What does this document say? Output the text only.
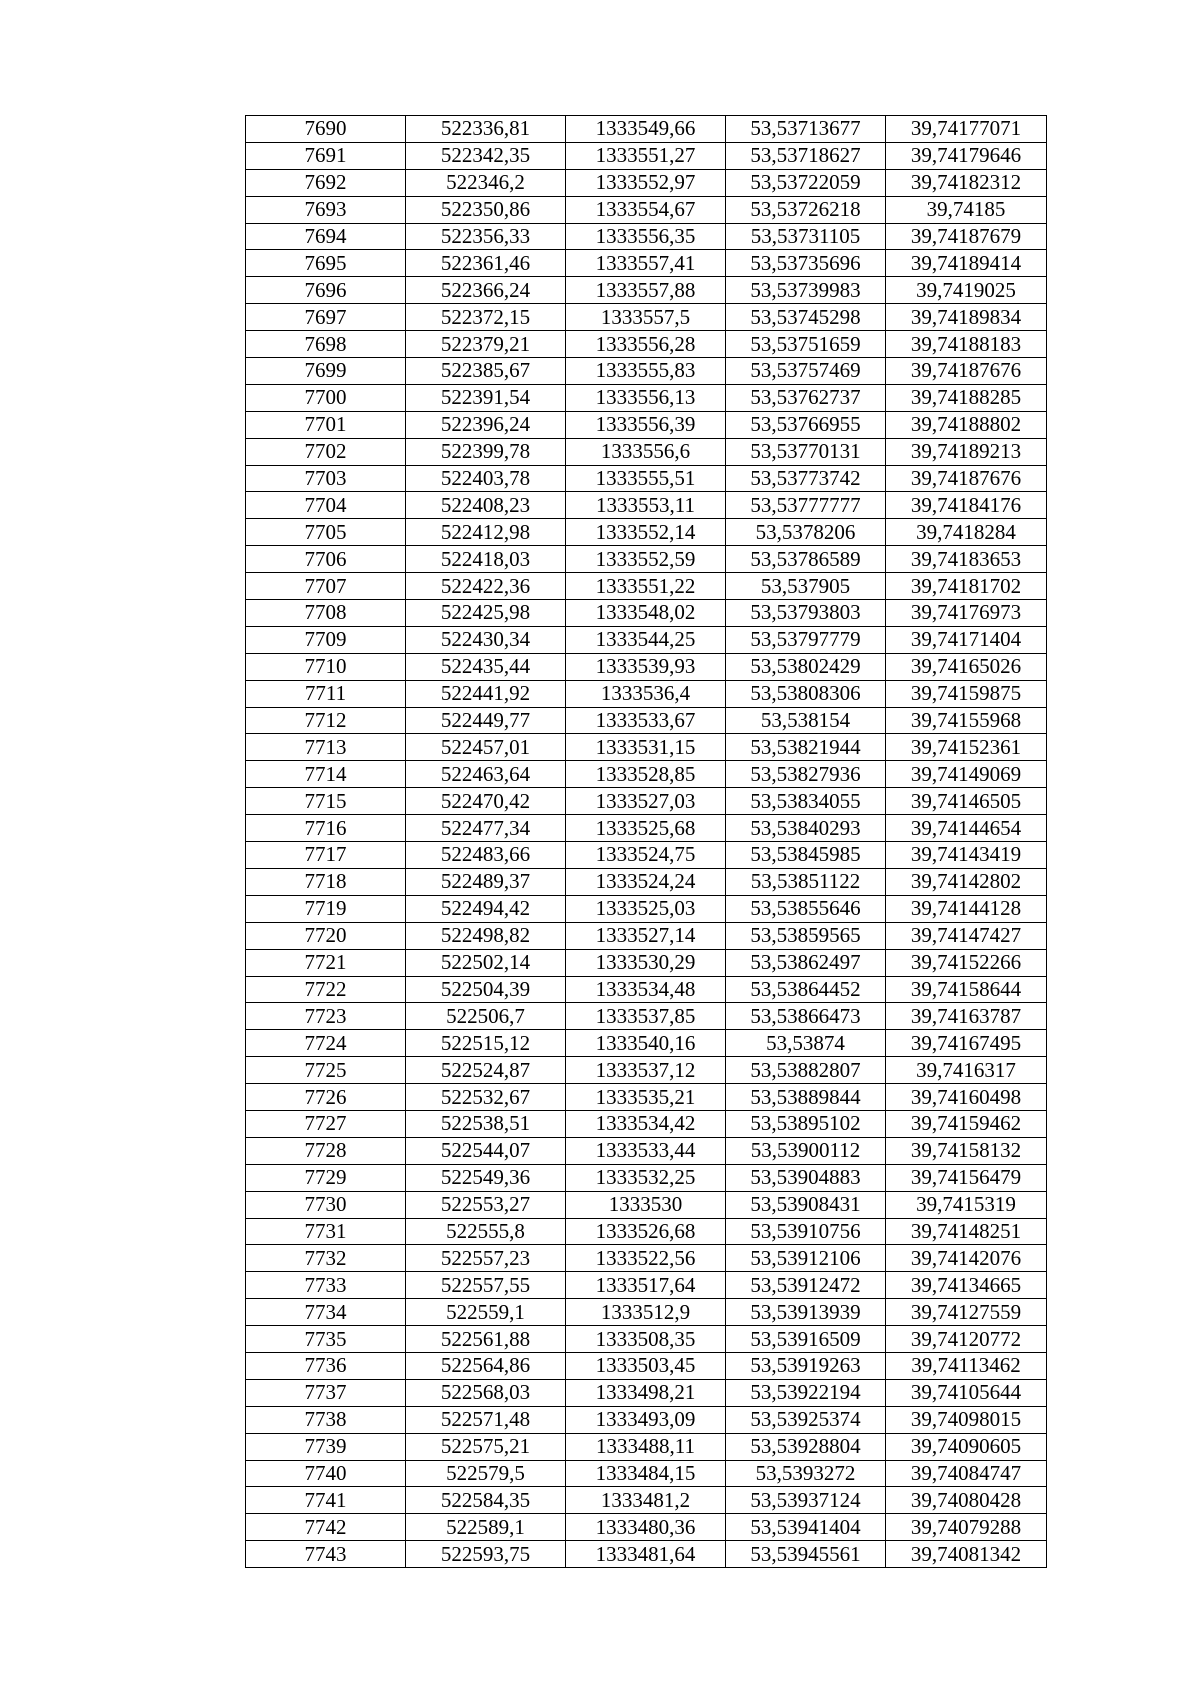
7690	522336,81	1333549,66	53,53713677	39,74177071
7691	522342,35	1333551,27	53,53718627	39,74179646
7692	522346,2	1333552,97	53,53722059	39,74182312
7693	522350,86	1333554,67	53,53726218	39,74185
7694	522356,33	1333556,35	53,53731105	39,74187679
7695	522361,46	1333557,41	53,53735696	39,74189414
7696	522366,24	1333557,88	53,53739983	39,7419025
7697	522372,15	1333557,5	53,53745298	39,74189834
7698	522379,21	1333556,28	53,53751659	39,74188183
7699	522385,67	1333555,83	53,53757469	39,74187676
7700	522391,54	1333556,13	53,53762737	39,74188285
7701	522396,24	1333556,39	53,53766955	39,74188802
7702	522399,78	1333556,6	53,53770131	39,74189213
7703	522403,78	1333555,51	53,53773742	39,74187676
7704	522408,23	1333553,11	53,53777777	39,74184176
7705	522412,98	1333552,14	53,5378206	39,7418284
7706	522418,03	1333552,59	53,53786589	39,74183653
7707	522422,36	1333551,22	53,537905	39,74181702
7708	522425,98	1333548,02	53,53793803	39,74176973
7709	522430,34	1333544,25	53,53797779	39,74171404
7710	522435,44	1333539,93	53,53802429	39,74165026
7711	522441,92	1333536,4	53,53808306	39,74159875
7712	522449,77	1333533,67	53,538154	39,74155968
7713	522457,01	1333531,15	53,53821944	39,74152361
7714	522463,64	1333528,85	53,53827936	39,74149069
7715	522470,42	1333527,03	53,53834055	39,74146505
7716	522477,34	1333525,68	53,53840293	39,74144654
7717	522483,66	1333524,75	53,53845985	39,74143419
7718	522489,37	1333524,24	53,53851122	39,74142802
7719	522494,42	1333525,03	53,53855646	39,74144128
7720	522498,82	1333527,14	53,53859565	39,74147427
7721	522502,14	1333530,29	53,53862497	39,74152266
7722	522504,39	1333534,48	53,53864452	39,74158644
7723	522506,7	1333537,85	53,53866473	39,74163787
7724	522515,12	1333540,16	53,53874	39,74167495
7725	522524,87	1333537,12	53,53882807	39,7416317
7726	522532,67	1333535,21	53,53889844	39,74160498
7727	522538,51	1333534,42	53,53895102	39,74159462
7728	522544,07	1333533,44	53,53900112	39,74158132
7729	522549,36	1333532,25	53,53904883	39,74156479
7730	522553,27	1333530	53,53908431	39,7415319
7731	522555,8	1333526,68	53,53910756	39,74148251
7732	522557,23	1333522,56	53,53912106	39,74142076
7733	522557,55	1333517,64	53,53912472	39,74134665
7734	522559,1	1333512,9	53,53913939	39,74127559
7735	522561,88	1333508,35	53,53916509	39,74120772
7736	522564,86	1333503,45	53,53919263	39,74113462
7737	522568,03	1333498,21	53,53922194	39,74105644
7738	522571,48	1333493,09	53,53925374	39,74098015
7739	522575,21	1333488,11	53,53928804	39,74090605
7740	522579,5	1333484,15	53,5393272	39,74084747
7741	522584,35	1333481,2	53,53937124	39,74080428
7742	522589,1	1333480,36	53,53941404	39,74079288
7743	522593,75	1333481,64	53,53945561	39,74081342
